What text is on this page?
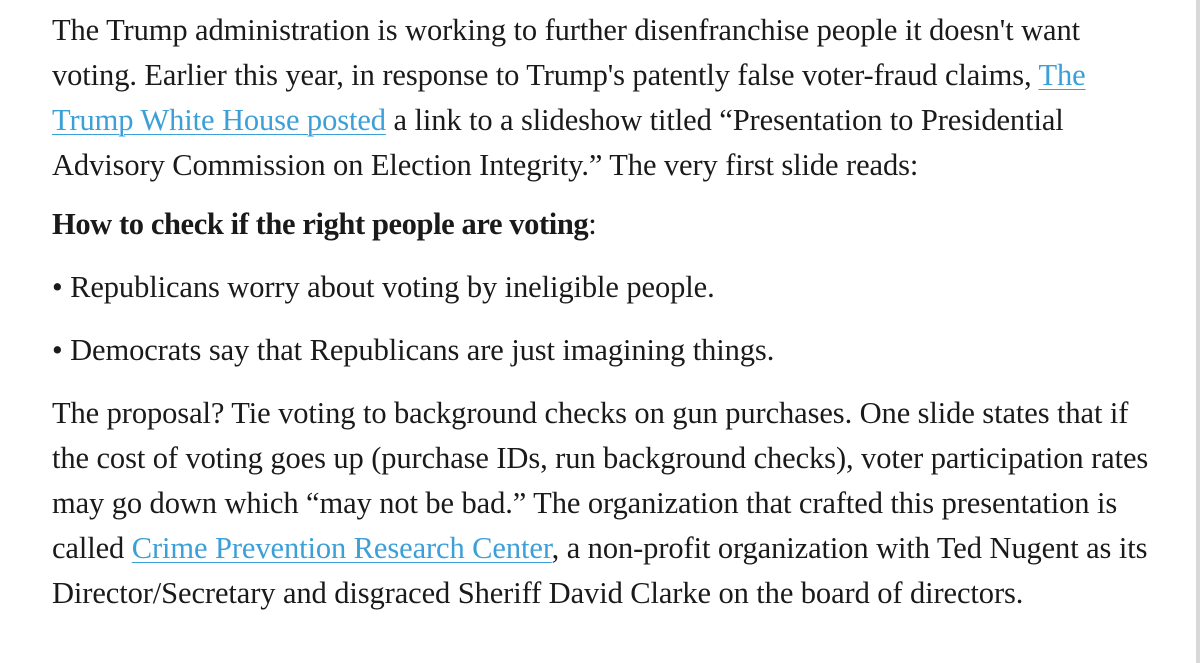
The Trump administration is working to further disenfranchise people it doesn't want voting. Earlier this year, in response to Trump's patently false voter-fraud claims, The Trump White House posted a link to a slideshow titled “Presentation to Presidential Advisory Commission on Election Integrity.” The very first slide reads:

How to check if the right people are voting:

• Republicans worry about voting by ineligible people.

• Democrats say that Republicans are just imagining things.

The proposal? Tie voting to background checks on gun purchases. One slide states that if the cost of voting goes up (purchase IDs, run background checks), voter participation rates may go down which “may not be bad.” The organization that crafted this presentation is called Crime Prevention Research Center, a non-profit organization with Ted Nugent as its Director/Secretary and disgraced Sheriff David Clarke on the board of directors.
